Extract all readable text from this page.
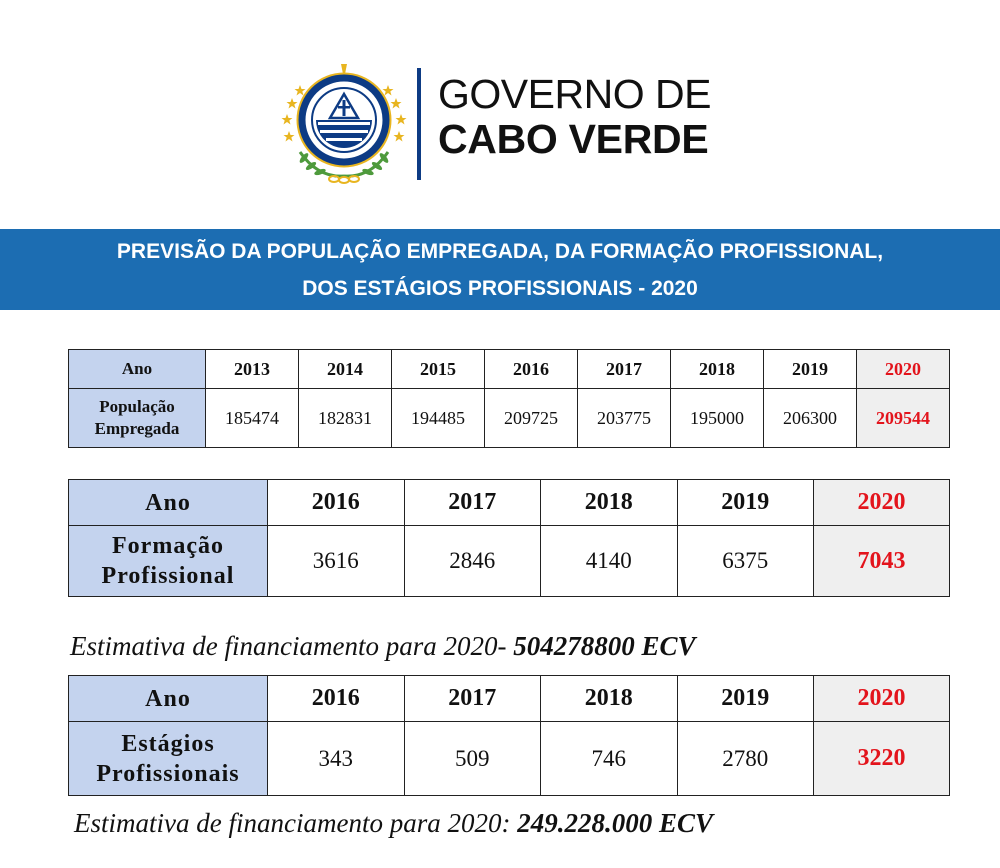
GOVERNO DE
CABO VERDE
PREVISÃO DA POPULAÇÃO EMPREGADA, DA FORMAÇÃO PROFISSIONAL,
DOS ESTÁGIOS PROFISSIONAIS - 2020
Ano	2013	2014	2015	2016	2017	2018	2019	2020

População
Empregada	185474	182831	194485	209725	203775	195000	206300	209544
Ano	2016	2017	2018	2019	2020

Formação
Profissional	3616	2846	4140	6375	7043
Estimativa de financiamento para 2020- 504278800 ECV
Ano	2016	2017	2018	2019	2020

Estágios
Profissionais	343	509	746	2780	3220
Estimativa de financiamento para 2020: 249.228.000 ECV
